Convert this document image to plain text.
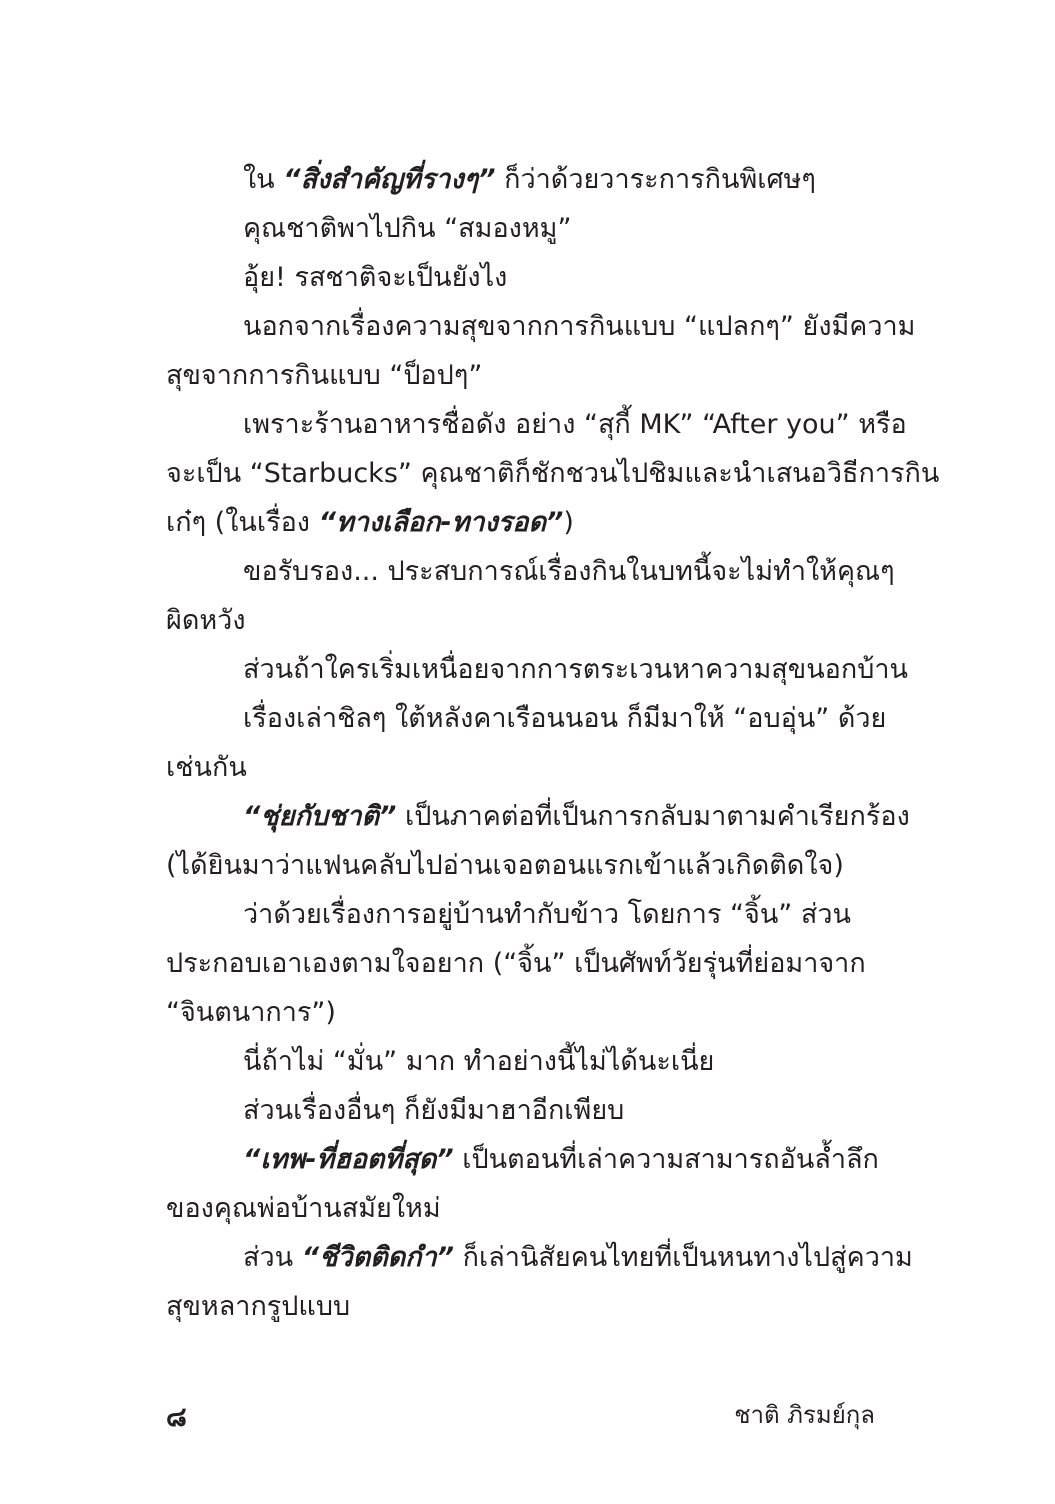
ใน “สิ่งสำคัญที่รางๆ” ก็ว่าด้วยวาระการกินพิเศษๆ
คุณชาติพาไปกิน “สมองหมู”
อุ้ย! รสชาติจะเป็นยังไง
นอกจากเรื่องความสุขจากการกินแบบ “แปลกๆ” ยังมีความ
สุขจากการกินแบบ “ป็อปๆ”
เพราะร้านอาหารชื่อดัง อย่าง “สุกี้ MK” “After you” หรือ
จะเป็น “Starbucks” คุณชาติก็ชักชวนไปชิมและนำเสนอวิธีการกิน
เก๋ๆ (ในเรื่อง “ทางเลือก-ทางรอด”)
ขอรับรอง... ประสบการณ์เรื่องกินในบทนี้จะไม่ทำให้คุณๆ
ผิดหวัง
ส่วนถ้าใครเริ่มเหนื่อยจากการตระเวนหาความสุขนอกบ้าน
เรื่องเล่าชิลๆ ใต้หลังคาเรือนนอน ก็มีมาให้ “อบอุ่น” ด้วย
เช่นกัน
“ชุ่ยกับชาติ” เป็นภาคต่อที่เป็นการกลับมาตามคำเรียกร้อง
(ได้ยินมาว่าแฟนคลับไปอ่านเจอตอนแรกเข้าแล้วเกิดติดใจ)
ว่าด้วยเรื่องการอยู่บ้านทำกับข้าว โดยการ “จิ้น” ส่วน
ประกอบเอาเองตามใจอยาก (“จิ้น” เป็นศัพท์วัยรุ่นที่ย่อมาจาก
“จินตนาการ”)
นี่ถ้าไม่ “มั่น” มาก ทำอย่างนี้ไม่ได้นะเนี่ย
ส่วนเรื่องอื่นๆ ก็ยังมีมาฮาอีกเพียบ
“เทพ-ที่ฮอตที่สุด” เป็นตอนที่เล่าความสามารถอันล้ำลึก
ของคุณพ่อบ้านสมัยใหม่
ส่วน “ชีวิตติดกำ” ก็เล่านิสัยคนไทยที่เป็นหนทางไปสู่ความ
สุขหลากรูปแบบ
๘	ชาติ ภิรมย์กุล
